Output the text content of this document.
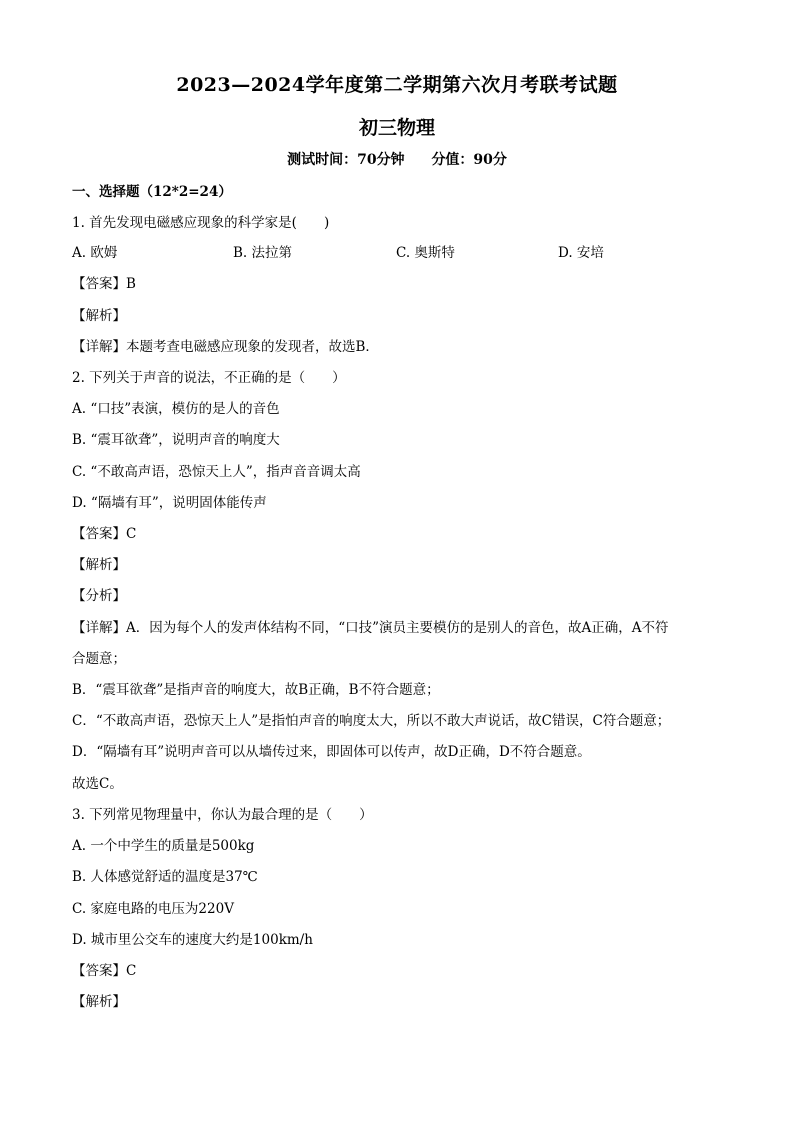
2023—2024学年度第二学期第六次月考联考试题
初三物理
测试时间：70分钟 分值：90分
一、选择题（12*2=24）
1. 首先发现电磁感应现象的科学家是(　　)
A. 欧姆	B. 法拉第	C. 奥斯特	D. 安培
【答案】B
【解析】
【详解】本题考查电磁感应现象的发现者，故选B．
2. 下列关于声音的说法，不正确的是（　　）
A. “口技”表演，模仿的是人的音色
B. “震耳欲聋”，说明声音的响度大
C. “不敢高声语，恐惊天上人”，指声音音调太高
D. “隔墙有耳”，说明固体能传声
【答案】C
【解析】
【分析】
【详解】A．因为每个人的发声体结构不同，“口技”演员主要模仿的是别人的音色，故A正确，A不符
合题意；
B．“震耳欲聋”是指声音的响度大，故B正确，B不符合题意；
C．“不敢高声语，恐惊天上人”是指怕声音的响度太大，所以不敢大声说话，故C错误，C符合题意；
D．“隔墙有耳”说明声音可以从墙传过来，即固体可以传声，故D正确，D不符合题意。
故选C。
3. 下列常见物理量中，你认为最合理的是（　　）
A. 一个中学生的质量是500kg
B. 人体感觉舒适的温度是37℃
C. 家庭电路的电压为220V
D. 城市里公交车的速度大约是100km/h
【答案】C
【解析】
